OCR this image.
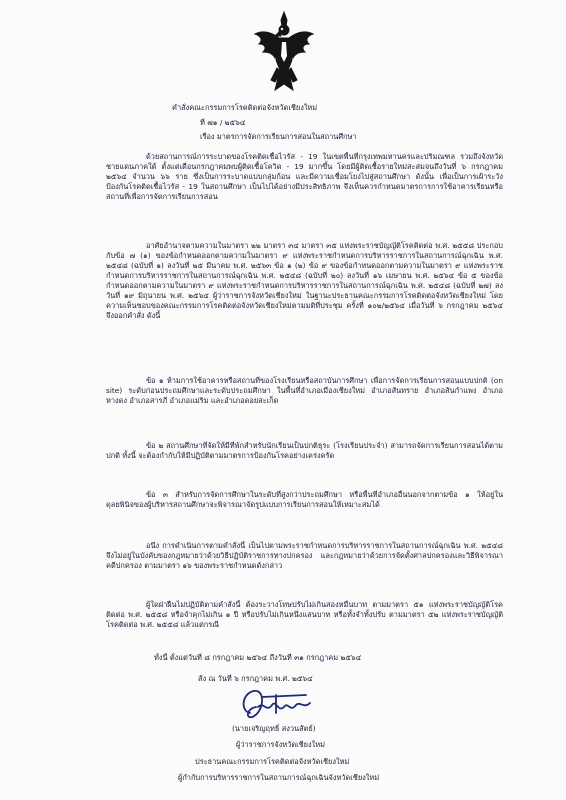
คำสั่งคณะกรรมการโรคติดต่อจังหวัดเชียงใหม่
ที่ ๗๑ / ๒๕๖๔
เรื่อง มาตรการจัดการเรียนการสอนในสถานศึกษา
ด้วยสถานการณ์การระบาดของโรคติดเชื้อไวรัส - 19 ในเขตพื้นที่กรุงเทพมหานครและปริมณฑล รวมถึงจังหวัดชายแดนภาคใต้ ตั้งแต่เดือนกรกฎาคมพบผู้ติดเชื้อโควิด - 19 มากขึ้น โดยมีผู้ติดเชื้อรายใหม่สะสมจนถึงวันที่ ๖ กรกฎาคม ๒๕๖๔ จำนวน ๖๖ ราย ซึ่งเป็นการระบาดแบบกลุ่มก้อน และมีความเชื่อมโยงไปสู่สถานศึกษา ดังนั้น เพื่อเป็นการเฝ้าระวังป้องกันโรคติดเชื้อไวรัส - 19 ในสถานศึกษา เป็นไปได้อย่างมีประสิทธิภาพ จึงเห็นควรกำหนดมาตรการการใช้อาคารเรียนหรือสถานที่เพื่อการจัดการเรียนการสอน
อาศัยอำนาจตามความในมาตรา ๒๒ มาตรา ๓๔ มาตรา ๓๕ แห่งพระราชบัญญัติโรคติดต่อ พ.ศ. ๒๕๕๘ ประกอบกับข้อ ๗ (๑) ของข้อกำหนดออกตามความในมาตรา ๙ แห่งพระราชกำหนดการบริหารราชการในสถานการณ์ฉุกเฉิน พ.ศ. ๒๕๔๘ (ฉบับที่ ๑) ลงวันที่ ๒๕ มีนาคม พ.ศ. ๒๕๖๓ ข้อ ๑ (๒) ข้อ ๙ ของข้อกำหนดออกตามความในมาตรา ๙ แห่งพระราชกำหนดการบริหารราชการในสถานการณ์ฉุกเฉิน พ.ศ. ๒๕๔๘ (ฉบับที่ ๒๐) ลงวันที่ ๑๖ เมษายน พ.ศ. ๒๕๖๔ ข้อ ๕ ของข้อกำหนดออกตามความในมาตรา ๙ แห่งพระราชกำหนดการบริหารราชการในสถานการณ์ฉุกเฉิน พ.ศ. ๒๕๔๘ (ฉบับที่ ๒๗) ลงวันที่ ๑๙ มิถุนายน พ.ศ. ๒๕๖๔ ผู้ว่าราชการจังหวัดเชียงใหม่ ในฐานะประธานคณะกรรมการโรคติดต่อจังหวัดเชียงใหม่ โดยความเห็นชอบของคณะกรรมการโรคติดต่อจังหวัดเชียงใหม่ตามมติที่ประชุม ครั้งที่ ๑๐๒/๒๕๖๔ เมื่อวันที่ ๖ กรกฎาคม ๒๕๖๔ จึงออกคำสั่ง ดังนี้
ข้อ ๑ ห้ามการใช้อาคารหรือสถานที่ของโรงเรียนหรือสถาบันการศึกษา เพื่อการจัดการเรียนการสอนแบบปกติ (on site) ระดับก่อนประถมศึกษาและระดับประถมศึกษา ในพื้นที่อำเภอเมืองเชียงใหม่ อำเภอสันทราย อำเภอสันกำแพง อำเภอหางดง อำเภอสารภี อำเภอแม่ริม และอำเภอดอยสะเก็ด
ข้อ ๒ สถานศึกษาที่จัดให้มีที่พักสำหรับนักเรียนเป็นปกติธุระ (โรงเรียนประจำ) สามารถจัดการเรียนการสอนได้ตามปกติ ทั้งนี้ จะต้องกำกับให้มีปฏิบัติตามมาตรการป้องกันโรคอย่างเคร่งครัด
ข้อ ๓ สำหรับการจัดการศึกษาในระดับที่สูงกว่าประถมศึกษา หรือพื้นที่อำเภออื่นนอกจากตามข้อ ๑ ให้อยู่ในดุลยพินิจของผู้บริหารสถานศึกษาจะพิจารณาจัดรูปแบบการเรียนการสอนให้เหมาะสมได้
อนึ่ง การดำเนินการตามคำสั่งนี้ เป็นไปตามพระราชกำหนดการบริหารราชการในสถานการณ์ฉุกเฉิน พ.ศ. ๒๕๔๘ จึงไม่อยู่ในบังคับของกฎหมายว่าด้วยวิธีปฏิบัติราชการทางปกครอง และกฎหมายว่าด้วยการจัดตั้งศาลปกครองและวิธีพิจารณาคดีปกครอง ตามมาตรา ๑๖ ของพระราชกำหนดดังกล่าว
ผู้ใดฝ่าฝืนไม่ปฏิบัติตามคำสั่งนี้ ต้องระวางโทษปรับไม่เกินสองหมื่นบาท ตามมาตรา ๕๑ แห่งพระราชบัญญัติโรคติดต่อ พ.ศ. ๒๕๕๘ หรือจำคุกไม่เกิน ๑ ปี หรือปรับไม่เกินหนึ่งแสนบาท หรือทั้งจำทั้งปรับ ตามมาตรา ๕๒ แห่งพระราชบัญญัติโรคติดต่อ พ.ศ. ๒๕๕๘ แล้วแต่กรณี
ทั้งนี้ ตั้งแต่วันที่ ๘ กรกฎาคม ๒๕๖๔ ถึงวันที่ ๓๑ กรกฎาคม ๒๕๖๔
สั่ง ณ วันที่ ๖ กรกฎาคม พ.ศ. ๒๕๖๔
(นายเจริญฤทธิ์ สงวนสัตย์)
ผู้ว่าราชการจังหวัดเชียงใหม่
ประธานคณะกรรมการโรคติดต่อจังหวัดเชียงใหม่
ผู้กำกับการบริหารราชการในสถานการณ์ฉุกเฉินจังหวัดเชียงใหม่
